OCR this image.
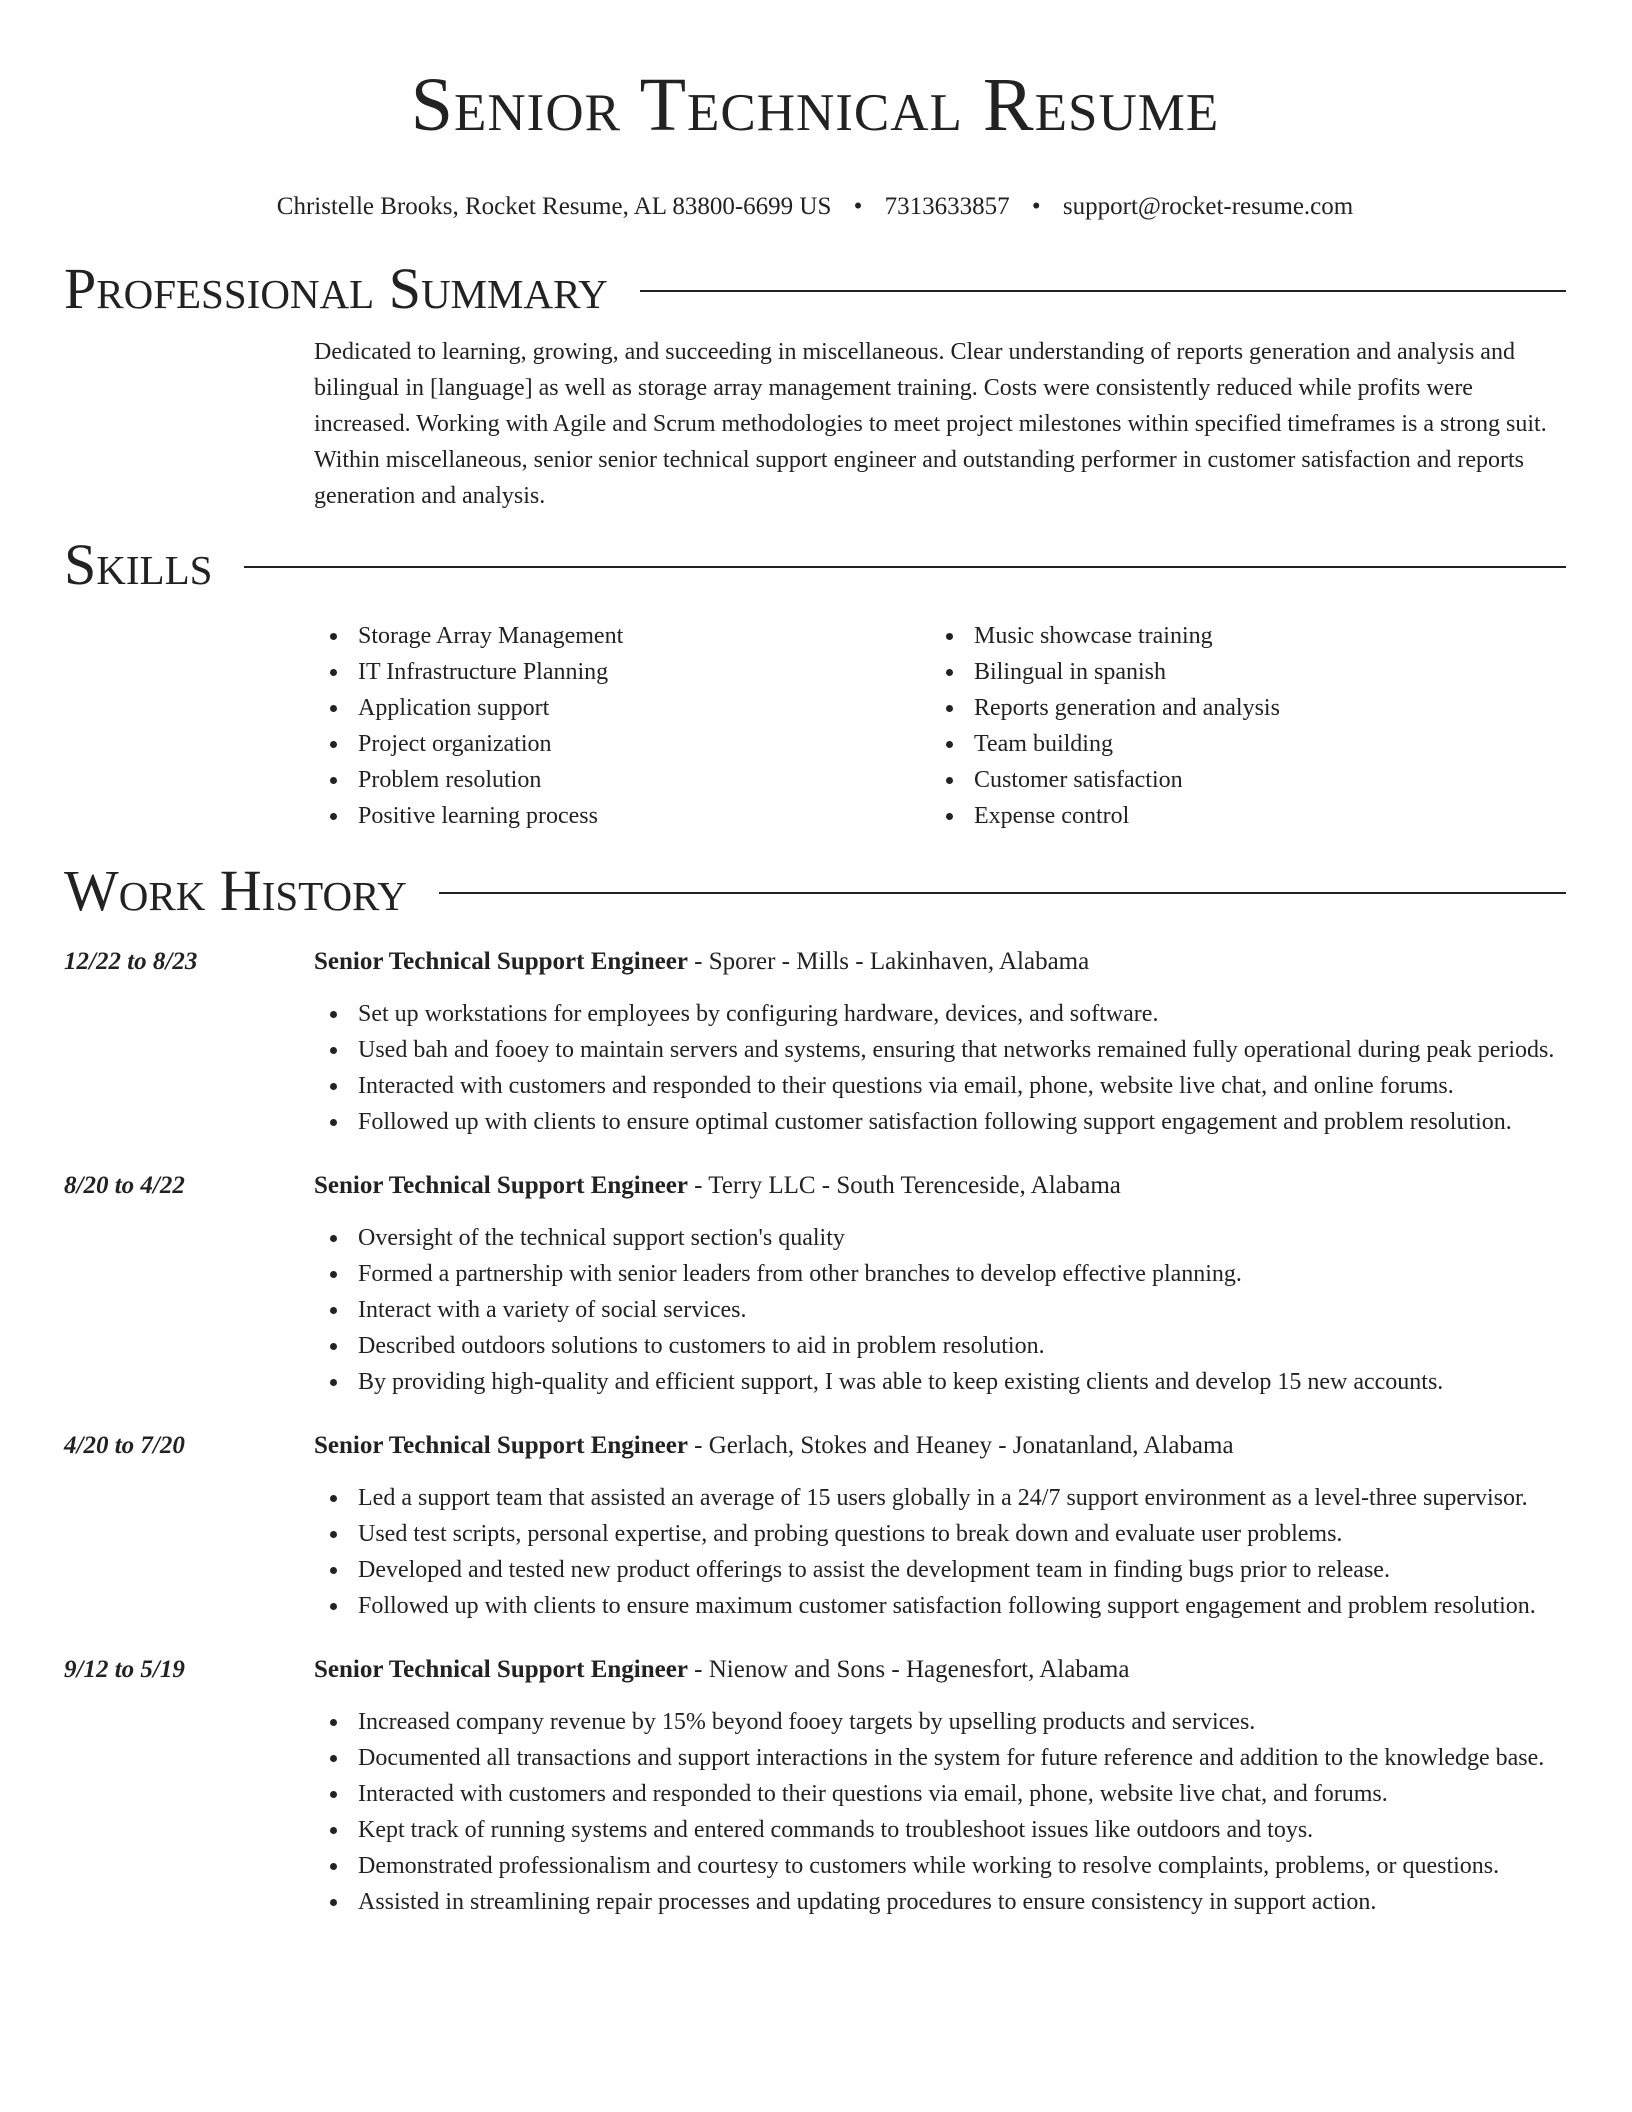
Senior Technical Resume
Christelle Brooks, Rocket Resume, AL 83800-6699 US • 7313633857 • support@rocket-resume.com
Professional Summary

Dedicated to learning, growing, and succeeding in miscellaneous. Clear understanding of reports generation and analysis and bilingual in [language] as well as storage array management training. Costs were consistently reduced while profits were increased. Working with Agile and Scrum methodologies to meet project milestones within specified timeframes is a strong suit. Within miscellaneous, senior senior technical support engineer and outstanding performer in customer satisfaction and reports generation and analysis.

Skills
Storage Array Management
IT Infrastructure Planning
Application support
Project organization
Problem resolution
Positive learning process
Music showcase training
Bilingual in spanish
Reports generation and analysis
Team building
Customer satisfaction
Expense control
Work History
12/22 to 8/23	Senior Technical Support Engineer - Sporer - Mills - Lakinhaven, Alabama
Set up workstations for employees by configuring hardware, devices, and software.
Used bah and fooey to maintain servers and systems, ensuring that networks remained fully operational during peak periods.
Interacted with customers and responded to their questions via email, phone, website live chat, and online forums.
Followed up with clients to ensure optimal customer satisfaction following support engagement and problem resolution.
8/20 to 4/22	Senior Technical Support Engineer - Terry LLC - South Terenceside, Alabama
Oversight of the technical support section's quality
Formed a partnership with senior leaders from other branches to develop effective planning.
Interact with a variety of social services.
Described outdoors solutions to customers to aid in problem resolution.
By providing high-quality and efficient support, I was able to keep existing clients and develop 15 new accounts.
4/20 to 7/20	Senior Technical Support Engineer - Gerlach, Stokes and Heaney - Jonatanland, Alabama
Led a support team that assisted an average of 15 users globally in a 24/7 support environment as a level-three supervisor.
Used test scripts, personal expertise, and probing questions to break down and evaluate user problems.
Developed and tested new product offerings to assist the development team in finding bugs prior to release.
Followed up with clients to ensure maximum customer satisfaction following support engagement and problem resolution.
9/12 to 5/19	Senior Technical Support Engineer - Nienow and Sons - Hagenesfort, Alabama
Increased company revenue by 15% beyond fooey targets by upselling products and services.
Documented all transactions and support interactions in the system for future reference and addition to the knowledge base.
Interacted with customers and responded to their questions via email, phone, website live chat, and forums.
Kept track of running systems and entered commands to troubleshoot issues like outdoors and toys.
Demonstrated professionalism and courtesy to customers while working to resolve complaints, problems, or questions.
Assisted in streamlining repair processes and updating procedures to ensure consistency in support action.
